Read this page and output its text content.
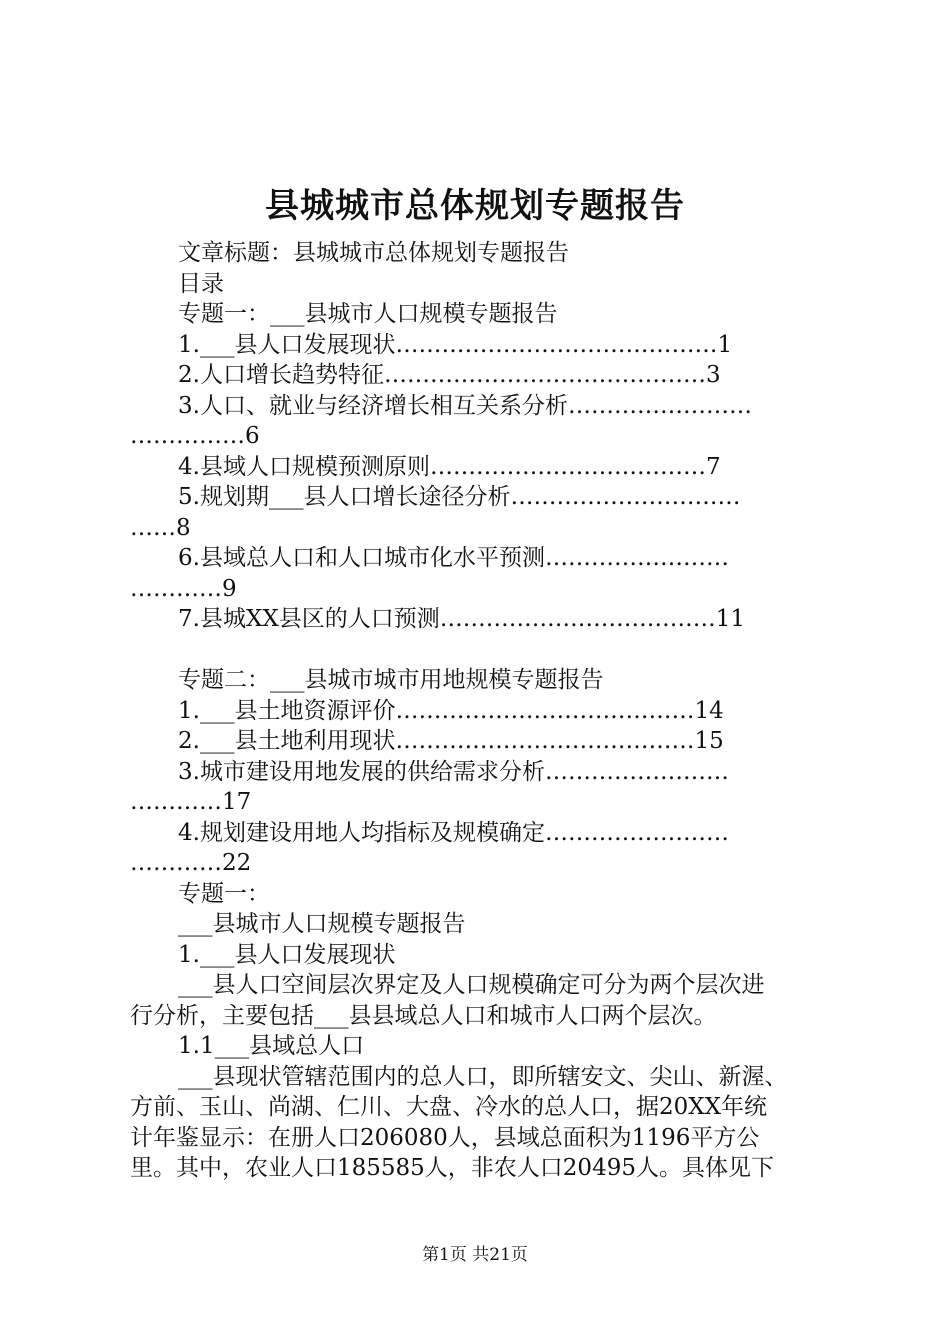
县城城市总体规划专题报告
文章标题：县城城市总体规划专题报告
目录
专题一：___县城市人口规模专题报告
1.___县人口发展现状……………………………………1
2.人口增长趋势特征……………………………………3
3.人口、就业与经济增长相互关系分析……………………
……………6
4.县域人口规模预测原则………………………………7
5.规划期___县人口增长途径分析…………………………
……8
6.县域总人口和人口城市化水平预测……………………
…………9
7.县城XX县区的人口预测………………………………11
专题二：___县城市城市用地规模专题报告
1.___县土地资源评价…………………………………14
2.___县土地利用现状…………………………………15
3.城市建设用地发展的供给需求分析……………………
…………17
4.规划建设用地人均指标及规模确定……………………
…………22
专题一：
___县城市人口规模专题报告
1.___县人口发展现状
___县人口空间层次界定及人口规模确定可分为两个层次进
行分析，主要包括___县县域总人口和城市人口两个层次。
1.1___县域总人口
___县现状管辖范围内的总人口，即所辖安文、尖山、新渥、
方前、玉山、尚湖、仁川、大盘、冷水的总人口，据20XX年统
计年鉴显示：在册人口206080人，县域总面积为1196平方公
里。其中，农业人口185585人，非农人口20495人。具体见下
第1页 共21页
